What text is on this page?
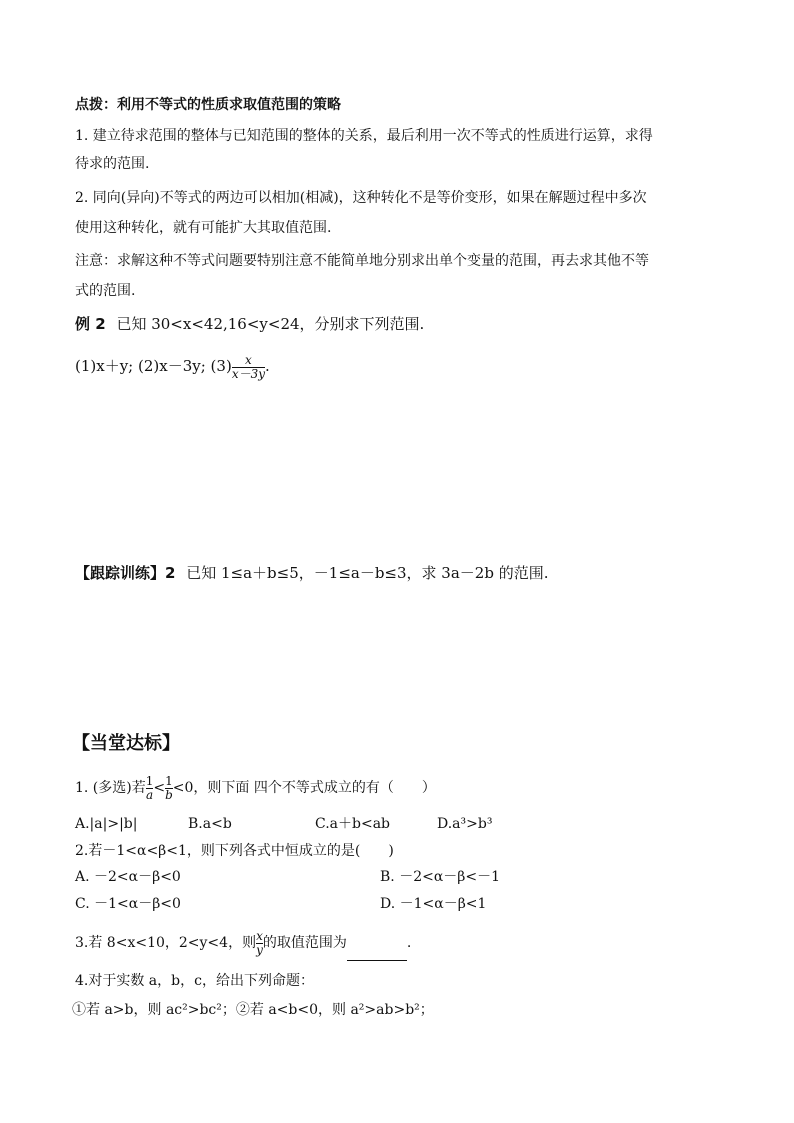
点拨：利用不等式的性质求取值范围的策略
1. 建立待求范围的整体与已知范围的整体的关系，最后利用一次不等式的性质进行运算，求得
待求的范围.
2. 同向(异向)不等式的两边可以相加(相减)，这种转化不是等价变形，如果在解题过程中多次
使用这种转化，就有可能扩大其取值范围.
注意：求解这种不等式问题要特别注意不能简单地分别求出单个变量的范围，再去求其他不等
式的范围.
例 2 已知 30<x<42,16<y<24，分别求下列范围.
(1)x＋y; (2)x－3y; $(3) \frac{x}{x-3y}$ .
【跟踪训练】2 已知 1≤a＋b≤5，－1≤a－b≤3，求 3a－2b 的范围.
【当堂达标】
1. (多选)若 $\frac{1}{a} < \frac{1}{b} <0$，则下面 四个不等式成立的有（　　）
A.|a|>|b|	B.a<b	C.a＋b<ab	D.a³>b³
2.若－1<α<β<1，则下列各式中恒成立的是(　　)
A. －2<α－β<0	B. －2<α－β<－1
C. －1<α－β<0	D. －1<α－β<1
3.若 8<x<10，2<y<4，则 $\frac{x}{y}$ 的取值范围为	.
4.对于实数 a，b，c，给出下列命题：
①若 a>b，则 ac²>bc²；②若 a<b<0，则 a²>ab>b²；
